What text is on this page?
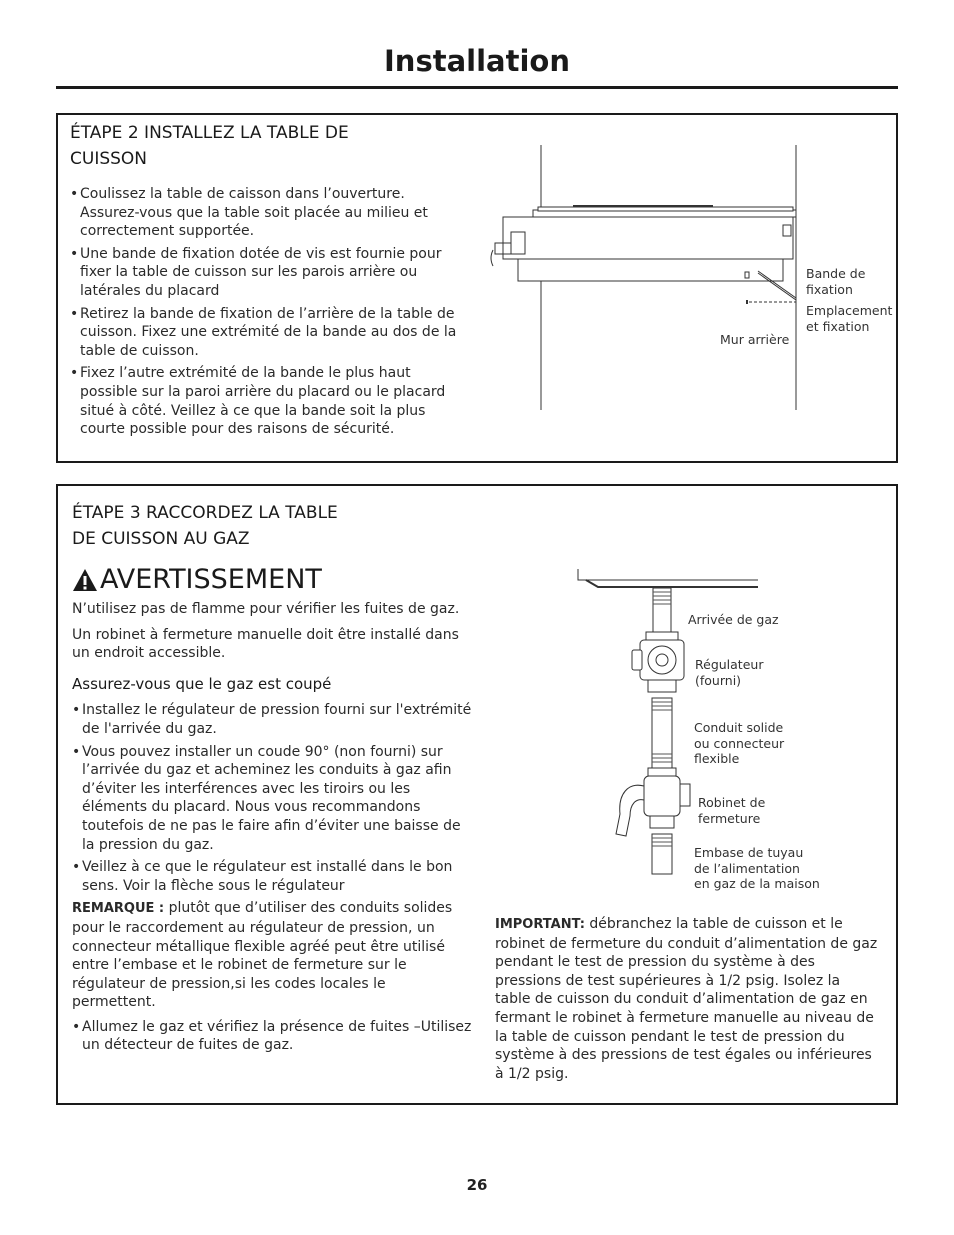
Installation
ÉTAPE 2 INSTALLEZ LA TABLE DE
CUISSON
• Coulissez la table de caisson dans l’ouverture. Assurez-vous que la table soit placée au milieu et correctement supportée.
• Une bande de fixation dotée de vis est fournie pour fixer la table de cuisson sur les parois arrière ou latérales du placard
• Retirez la bande de fixation de l’arrière de la table de cuisson. Fixez une extrémité de la bande au dos de la table de cuisson.
• Fixez l’autre extrémité de la bande le plus haut possible sur la paroi arrière du placard ou le placard situé à côté. Veillez à ce que la bande soit la plus courte possible pour des raisons de sécurité.
Bande de
fixation
Emplacement
et fixation
Mur arrière
ÉTAPE 3 RACCORDEZ LA TABLE
DE CUISSON AU GAZ
AVERTISSEMENT

N’utilisez pas de flamme pour vérifier les fuites de gaz.

Un robinet à fermeture manuelle doit être installé dans un endroit accessible.

Assurez-vous que le gaz est coupé

• Installez le régulateur de pression fourni sur l'extrémité de l'arrivée du gaz.
• Vous pouvez installer un coude 90° (non fourni) sur l’arrivée du gaz et acheminez les conduits à gaz afin d’éviter les interférences avec les tiroirs ou les éléments du placard. Nous vous recommandons toutefois de ne pas le faire afin d’éviter une baisse de la pression du gaz.
• Veillez à ce que le régulateur est installé dans le bon sens. Voir la flèche sous le régulateur

REMARQUE : plutôt que d’utiliser des conduits solides pour le raccordement au régulateur de pression, un connecteur métallique flexible agréé peut être utilisé entre l’embase et le robinet de fermeture sur le régulateur de pression,si les codes locales le permettent.

• Allumez le gaz et vérifiez la présence de fuites –Utilisez un détecteur de fuites de gaz.
Arrivée de gaz
Régulateur
(fourni)
Conduit solide
ou connecteur
flexible
Robinet de
fermeture
Embase de tuyau
de l’alimentation
en gaz de la maison

IMPORTANT: débranchez la table de cuisson et le robinet de fermeture du conduit d’alimentation de gaz pendant le test de pression du système à des pressions de test supérieures à 1/2 psig. Isolez la table de cuisson du conduit d’alimentation de gaz en fermant le robinet à fermeture manuelle au niveau de la table de cuisson pendant le test de pression du système à des pressions de test égales ou inférieures à 1/2 psig.

26
